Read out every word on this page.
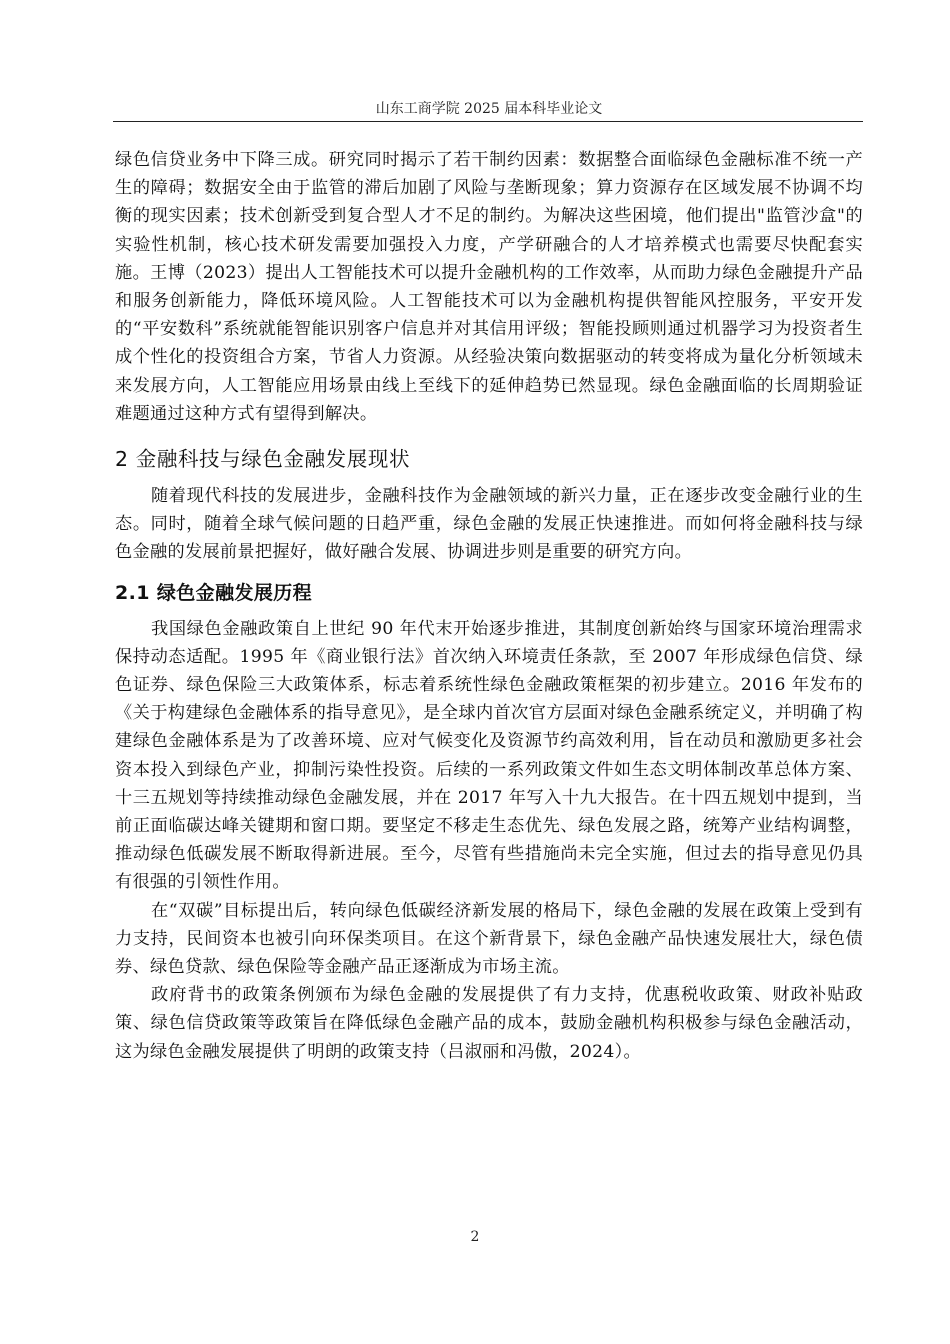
山东工商学院 2025 届本科毕业论文

绿色信贷业务中下降三成。研究同时揭示了若干制约因素：数据整合面临绿色金融标准不统一产生的障碍；数据安全由于监管的滞后加剧了风险与垄断现象；算力资源存在区域发展不协调不均衡的现实因素；技术创新受到复合型人才不足的制约。为解决这些困境，他们提出"监管沙盒"的实验性机制，核心技术研发需要加强投入力度，产学研融合的人才培养模式也需要尽快配套实施。王博（2023）提出人工智能技术可以提升金融机构的工作效率，从而助力绿色金融提升产品和服务创新能力，降低环境风险。人工智能技术可以为金融机构提供智能风控服务，平安开发的“平安数科”系统就能智能识别客户信息并对其信用评级；智能投顾则通过机器学习为投资者生成个性化的投资组合方案，节省人力资源。从经验决策向数据驱动的转变将成为量化分析领域未来发展方向，人工智能应用场景由线上至线下的延伸趋势已然显现。绿色金融面临的长周期验证难题通过这种方式有望得到解决。

2 金融科技与绿色金融发展现状

随着现代科技的发展进步，金融科技作为金融领域的新兴力量，正在逐步改变金融行业的生态。同时，随着全球气候问题的日趋严重，绿色金融的发展正快速推进。而如何将金融科技与绿色金融的发展前景把握好，做好融合发展、协调进步则是重要的研究方向。

2.1 绿色金融发展历程

我国绿色金融政策自上世纪 90 年代末开始逐步推进，其制度创新始终与国家环境治理需求保持动态适配。1995 年《商业银行法》首次纳入环境责任条款，至 2007 年形成绿色信贷、绿色证券、绿色保险三大政策体系，标志着系统性绿色金融政策框架的初步建立。2016 年发布的《关于构建绿色金融体系的指导意见》，是全球内首次官方层面对绿色金融系统定义，并明确了构建绿色金融体系是为了改善环境、应对气候变化及资源节约高效利用，旨在动员和激励更多社会资本投入到绿色产业，抑制污染性投资。后续的一系列政策文件如生态文明体制改革总体方案、十三五规划等持续推动绿色金融发展，并在 2017 年写入十九大报告。在十四五规划中提到，当前正面临碳达峰关键期和窗口期。要坚定不移走生态优先、绿色发展之路，统筹产业结构调整，推动绿色低碳发展不断取得新进展。至今，尽管有些措施尚未完全实施，但过去的指导意见仍具有很强的引领性作用。

在“双碳”目标提出后，转向绿色低碳经济新发展的格局下，绿色金融的发展在政策上受到有力支持，民间资本也被引向环保类项目。在这个新背景下，绿色金融产品快速发展壮大，绿色债券、绿色贷款、绿色保险等金融产品正逐渐成为市场主流。

政府背书的政策条例颁布为绿色金融的发展提供了有力支持，优惠税收政策、财政补贴政策、绿色信贷政策等政策旨在降低绿色金融产品的成本，鼓励金融机构积极参与绿色金融活动，这为绿色金融发展提供了明朗的政策支持（吕淑丽和冯傲，2024）。

2
